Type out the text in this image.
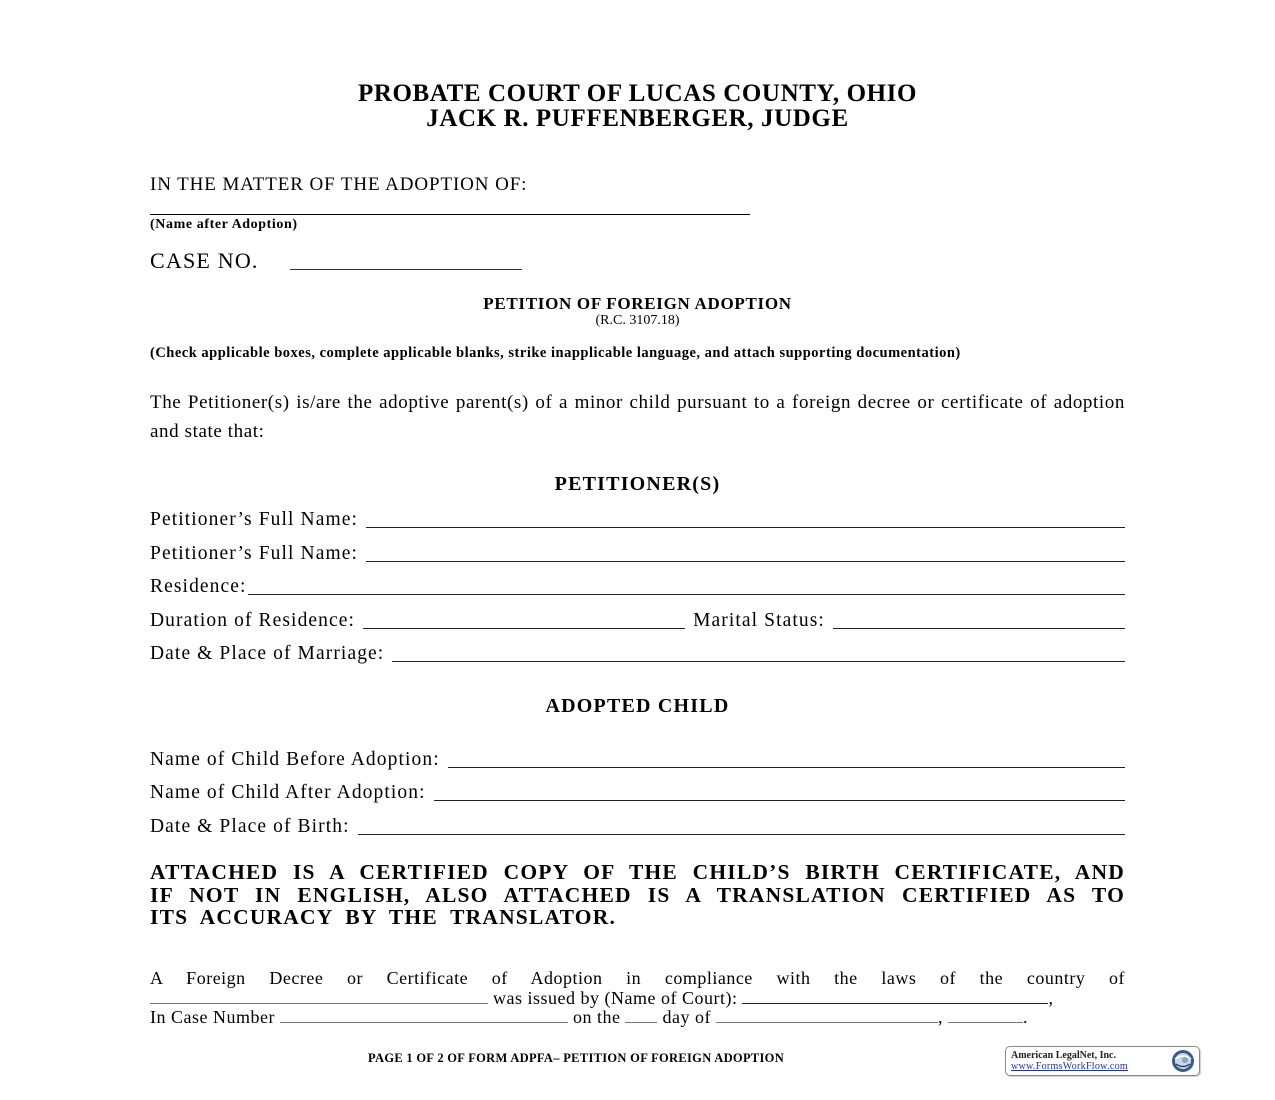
PROBATE COURT OF LUCAS COUNTY, OHIO
JACK R. PUFFENBERGER, JUDGE
IN THE MATTER OF THE ADOPTION OF:
(Name after Adoption)
CASE NO.
PETITION OF FOREIGN ADOPTION
(R.C. 3107.18)
(Check applicable boxes, complete applicable blanks, strike inapplicable language, and attach supporting documentation)
The Petitioner(s) is/are the adoptive parent(s) of a minor child pursuant to a foreign decree or certificate of adoption and state that:
PETITIONER(S)
Petitioner’s Full Name:
Petitioner’s Full Name:
Residence:
Duration of Residence:	Marital Status:
Date & Place of Marriage:
ADOPTED CHILD
Name of Child Before Adoption:
Name of Child After Adoption:
Date & Place of Birth:
ATTACHED IS A CERTIFIED COPY OF THE CHILD’S BIRTH CERTIFICATE, AND IF NOT IN ENGLISH, ALSO ATTACHED IS A TRANSLATION CERTIFIED AS TO ITS ACCURACY BY THE TRANSLATOR.
A Foreign Decree or Certificate of Adoption in compliance with the laws of the country of
was issued by (Name of Court):	,
In Case Number	on the day of	,	.
PAGE 1 OF 2 OF FORM ADPFA– PETITION OF FOREIGN ADOPTION	American LegalNet, Inc.
www.FormsWorkFlow.com
